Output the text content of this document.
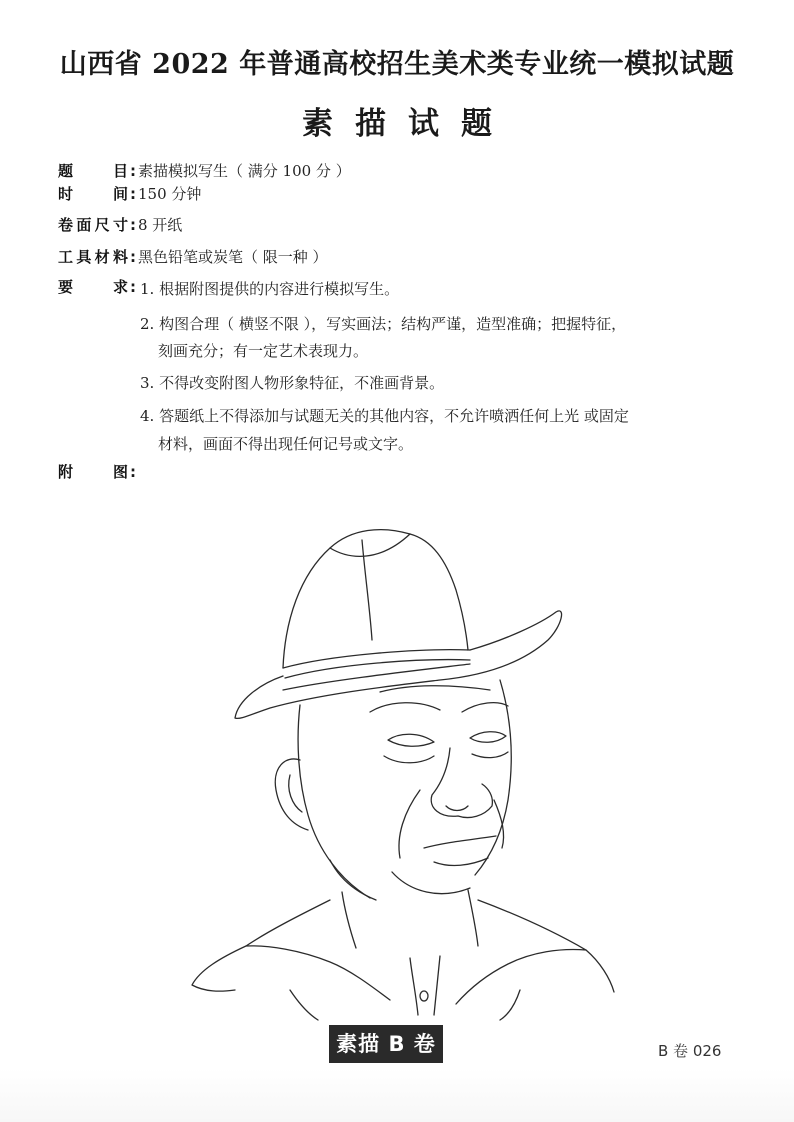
山西省 2022 年普通高校招生美术类专业统一模拟试题
素描试题
题目 : 素描模拟写生（ 满分 100 分 ）
时间 : 150 分钟
卷面尺寸 : 8 开纸
工具材料 : 黑色铅笔或炭笔（ 限一种 ）
要求 : 1. 根据附图提供的内容进行模拟写生。
2. 构图合理（ 横竖不限 ），写实画法；结构严谨，造型准确；把握特征，
刻画充分；有一定艺术表现力。
3. 不得改变附图人物形象特征，不准画背景。
4. 答题纸上不得添加与试题无关的其他内容，不允许喷洒任何上光 或固定
材料，画面不得出现任何记号或文字。
附图 :
素描 B 卷	B 卷 026
